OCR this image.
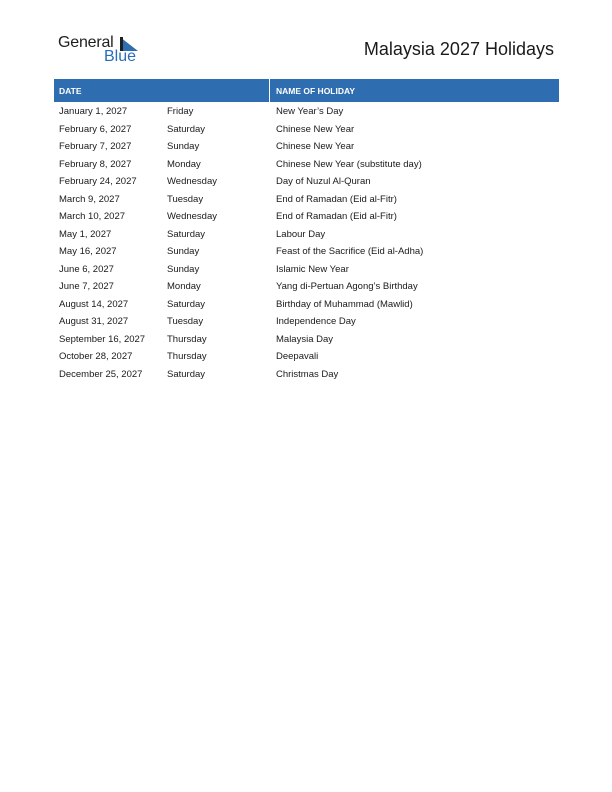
General
Blue	Malaysia 2027 Holidays
DATE	NAME OF HOLIDAY
January 1, 2027	Friday	New Year’s Day
February 6, 2027	Saturday	Chinese New Year
February 7, 2027	Sunday	Chinese New Year
February 8, 2027	Monday	Chinese New Year (substitute day)
February 24, 2027	Wednesday	Day of Nuzul Al-Quran
March 9, 2027	Tuesday	End of Ramadan (Eid al-Fitr)
March 10, 2027	Wednesday	End of Ramadan (Eid al-Fitr)
May 1, 2027	Saturday	Labour Day
May 16, 2027	Sunday	Feast of the Sacrifice (Eid al-Adha)
June 6, 2027	Sunday	Islamic New Year
June 7, 2027	Monday	Yang di-Pertuan Agong’s Birthday
August 14, 2027	Saturday	Birthday of Muhammad (Mawlid)
August 31, 2027	Tuesday	Independence Day
September 16, 2027	Thursday	Malaysia Day
October 28, 2027	Thursday	Deepavali
December 25, 2027	Saturday	Christmas Day
